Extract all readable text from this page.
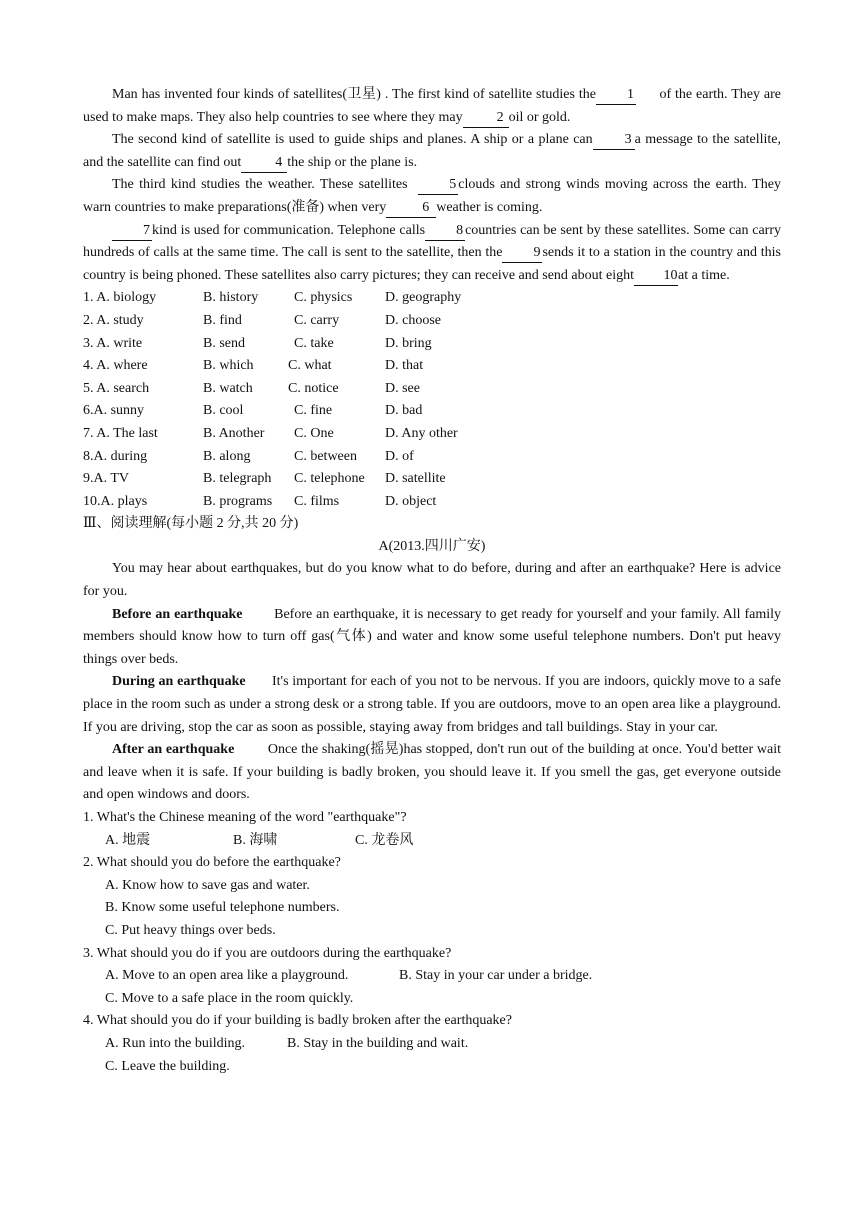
Man has invented four kinds of satellites(卫星) . The first kind of satellite studies the 1 of the earth. They are used to make maps. They also help countries to see where they may 2 oil or gold.

The second kind of satellite is used to guide ships and planes. A ship or a plane can 3 a message to the satellite, and the satellite can find out 4 the ship or the plane is.

The third kind studies the weather. These satellites	5 clouds and strong winds moving across the earth. They warn countries to make preparations(准备) when very	6 weather is coming.

7 kind is used for communication. Telephone calls 8 countries can be sent by these satellites. Some can carry hundreds of calls at the same time. The call is sent to the satellite, then the 9 sends it to a station in the country and this country is being phoned. These satellites also carry pictures; they can receive and send about eight 10at a time.

1. A. biology	B. history	C. physics	D. geography
2. A. study	B. find	C. carry	D. choose
3. A. write	B. send	C. take	D. bring
4. A. where	B. which	C. what	D. that
5. A. search	B. watch	C. notice	D. see
6.A. sunny	B. cool	C. fine	D. bad
7. A. The last	B. Another	C. One	D. Any other
8.A. during	B. along	C. between	D. of
9.A. TV	B. telegraph	C. telephone	D. satellite
10.A. plays	B. programs	C. films	D. object

Ⅲ、阅读理解(每小题 2 分,共 20 分)

A(2013.四川广安)

You may hear about earthquakes, but do you know what to do before, during and after an earthquake? Here is advice for you.

Before an earthquake Before an earthquake, it is necessary to get ready for yourself and your family. All family members should know how to turn off gas(气体) and water and know some useful telephone numbers. Don't put heavy things over beds.

During an earthquake It's important for each of you not to be nervous. If you are indoors, quickly move to a safe place in the room such as under a strong desk or a strong table. If you are outdoors, move to an open area like a playground. If you are driving, stop the car as soon as possible, staying away from bridges and tall buildings. Stay in your car.

After an earthquake Once the shaking(摇晃)has stopped, don't run out of the building at once. You'd better wait and leave when it is safe. If your building is badly broken, you should leave it. If you smell the gas, get everyone outside and open windows and doors.

1. What's the Chinese meaning of the word "earthquake"?

A. 地震	B. 海啸	C. 龙卷风

2. What should you do before the earthquake?

A. Know how to save gas and water.

B. Know some useful telephone numbers.

C. Put heavy things over beds.

3. What should you do if you are outdoors during the earthquake?

A. Move to an open area like a playground.	B. Stay in your car under a bridge.

C. Move to a safe place in the room quickly.

4. What should you do if your building is badly broken after the earthquake?

A. Run into the building.	B. Stay in the building and wait.

C. Leave the building.
